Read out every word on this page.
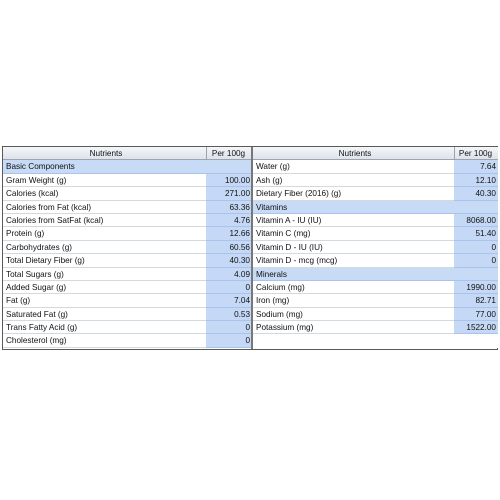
Nutrients	Per 100g
Basic Components
Gram Weight (g)	100.00
Calories (kcal)	271.00
Calories from Fat (kcal)	63.36
Calories from SatFat (kcal)	4.76
Protein (g)	12.66
Carbohydrates (g)	60.56
Total Dietary Fiber (g)	40.30
Total Sugars (g)	4.09
Added Sugar (g)	0
Fat (g)	7.04
Saturated Fat (g)	0.53
Trans Fatty Acid (g)	0
Cholesterol (mg)	0
Nutrients	Per 100g
Water (g)	7.64
Ash (g)	12.10
Dietary Fiber (2016) (g)	40.30
Vitamins
Vitamin A - IU (IU)	8068.00
Vitamin C (mg)	51.40
Vitamin D - IU (IU)	0
Vitamin D - mcg (mcg)	0
Minerals
Calcium (mg)	1990.00
Iron (mg)	82.71
Sodium (mg)	77.00
Potassium (mg)	1522.00
